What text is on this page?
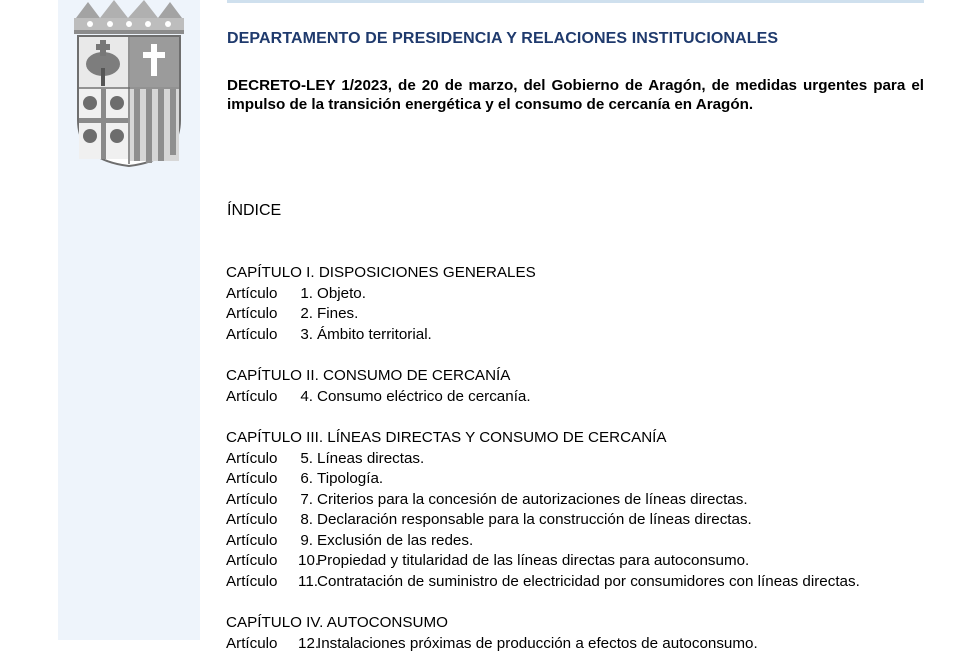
DEPARTAMENTO DE PRESIDENCIA Y RELACIONES INSTITUCIONALES
DECRETO-LEY 1/2023, de 20 de marzo, del Gobierno de Aragón, de medidas urgentes para el impulso de la transición energética y el consumo de cercanía en Aragón.
ÍNDICE
CAPÍTULO I. DISPOSICIONES GENERALES
Artículo 1. Objeto.
Artículo 2. Fines.
Artículo 3. Ámbito territorial.
CAPÍTULO II. CONSUMO DE CERCANÍA
Artículo 4. Consumo eléctrico de cercanía.
CAPÍTULO III. LÍNEAS DIRECTAS Y CONSUMO DE CERCANÍA
Artículo 5. Líneas directas.
Artículo 6. Tipología.
Artículo 7. Criterios para la concesión de autorizaciones de líneas directas.
Artículo 8. Declaración responsable para la construcción de líneas directas.
Artículo 9. Exclusión de las redes.
Artículo 10.Propiedad y titularidad de las líneas directas para autoconsumo.
Artículo 11.Contratación de suministro de electricidad por consumidores con líneas directas.
CAPÍTULO IV. AUTOCONSUMO
Artículo 12.Instalaciones próximas de producción a efectos de autoconsumo.
